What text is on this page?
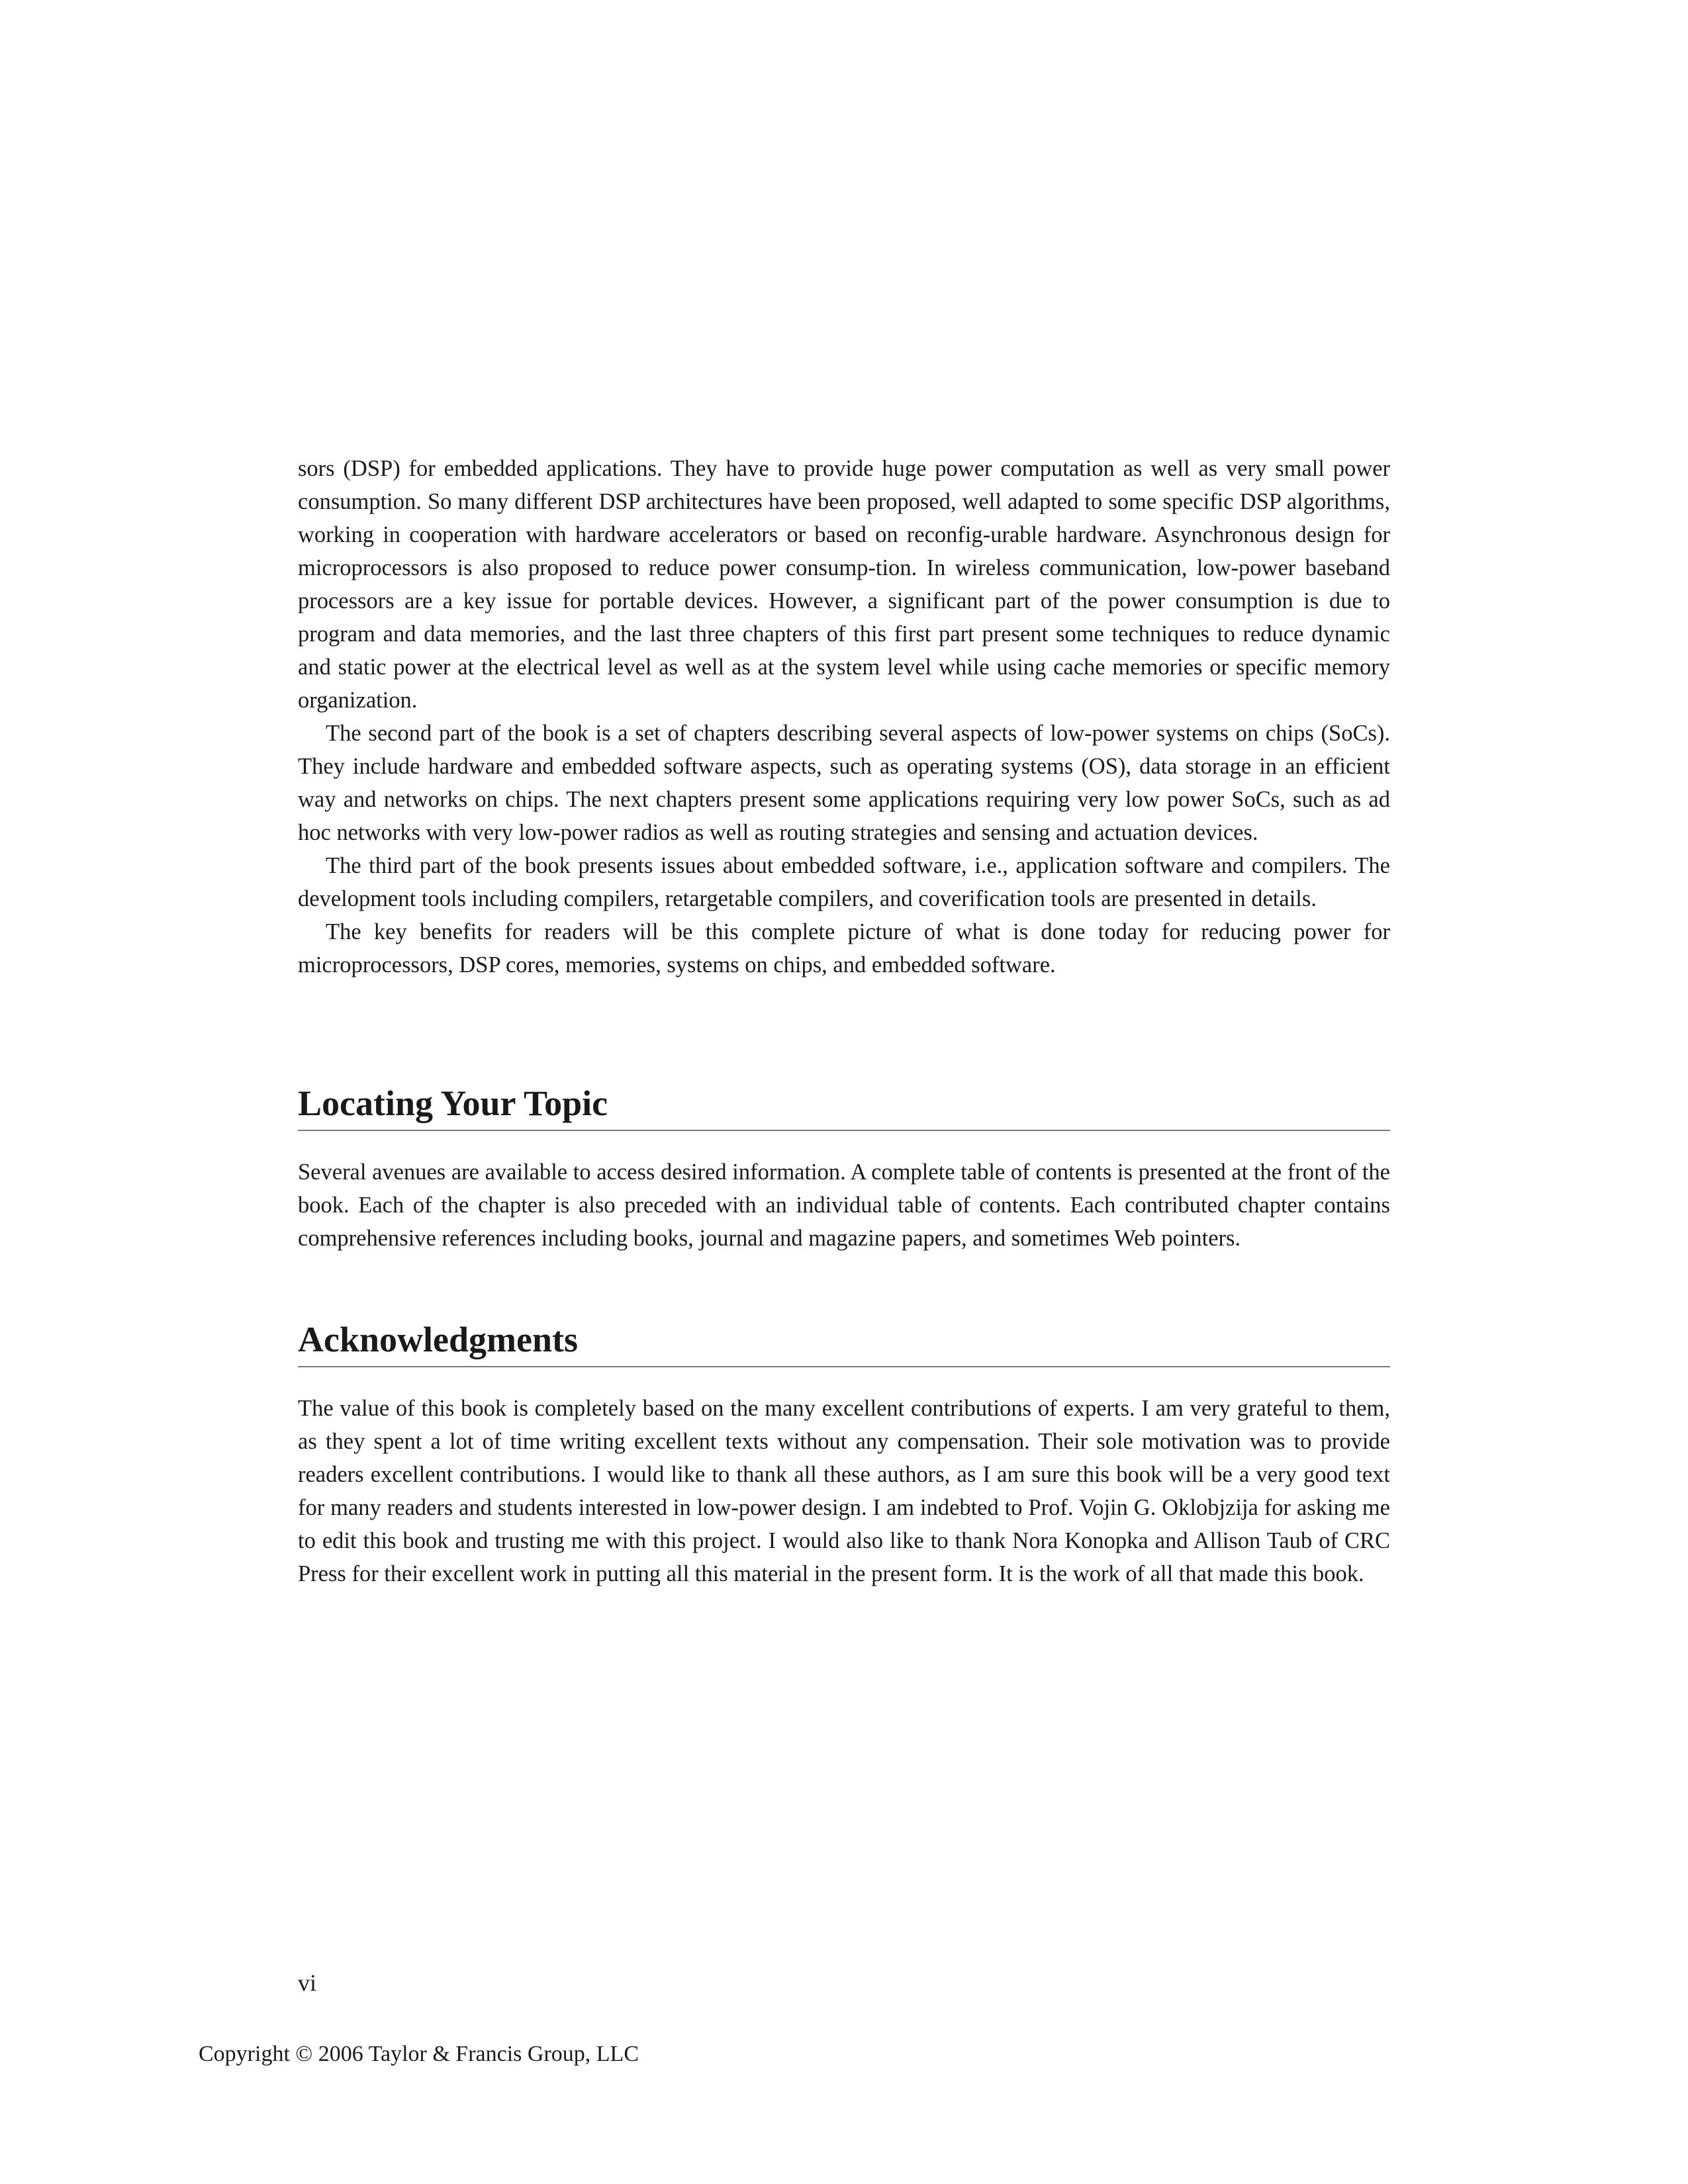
sors (DSP) for embedded applications. They have to provide huge power computation as well as very small power consumption. So many different DSP architectures have been proposed, well adapted to some specific DSP algorithms, working in cooperation with hardware accelerators or based on reconfig-urable hardware. Asynchronous design for microprocessors is also proposed to reduce power consump-tion. In wireless communication, low-power baseband processors are a key issue for portable devices. However, a significant part of the power consumption is due to program and data memories, and the last three chapters of this first part present some techniques to reduce dynamic and static power at the electrical level as well as at the system level while using cache memories or specific memory organization.

The second part of the book is a set of chapters describing several aspects of low-power systems on chips (SoCs). They include hardware and embedded software aspects, such as operating systems (OS), data storage in an efficient way and networks on chips. The next chapters present some applications requiring very low power SoCs, such as ad hoc networks with very low-power radios as well as routing strategies and sensing and actuation devices.

The third part of the book presents issues about embedded software, i.e., application software and compilers. The development tools including compilers, retargetable compilers, and coverification tools are presented in details.

The key benefits for readers will be this complete picture of what is done today for reducing power for microprocessors, DSP cores, memories, systems on chips, and embedded software.

Locating Your Topic

Several avenues are available to access desired information. A complete table of contents is presented at the front of the book. Each of the chapter is also preceded with an individual table of contents. Each contributed chapter contains comprehensive references including books, journal and magazine papers, and sometimes Web pointers.

Acknowledgments

The value of this book is completely based on the many excellent contributions of experts. I am very grateful to them, as they spent a lot of time writing excellent texts without any compensation. Their sole motivation was to provide readers excellent contributions. I would like to thank all these authors, as I am sure this book will be a very good text for many readers and students interested in low-power design. I am indebted to Prof. Vojin G. Oklobjzija for asking me to edit this book and trusting me with this project. I would also like to thank Nora Konopka and Allison Taub of CRC Press for their excellent work in putting all this material in the present form. It is the work of all that made this book.

vi
Copyright © 2006 Taylor & Francis Group, LLC
